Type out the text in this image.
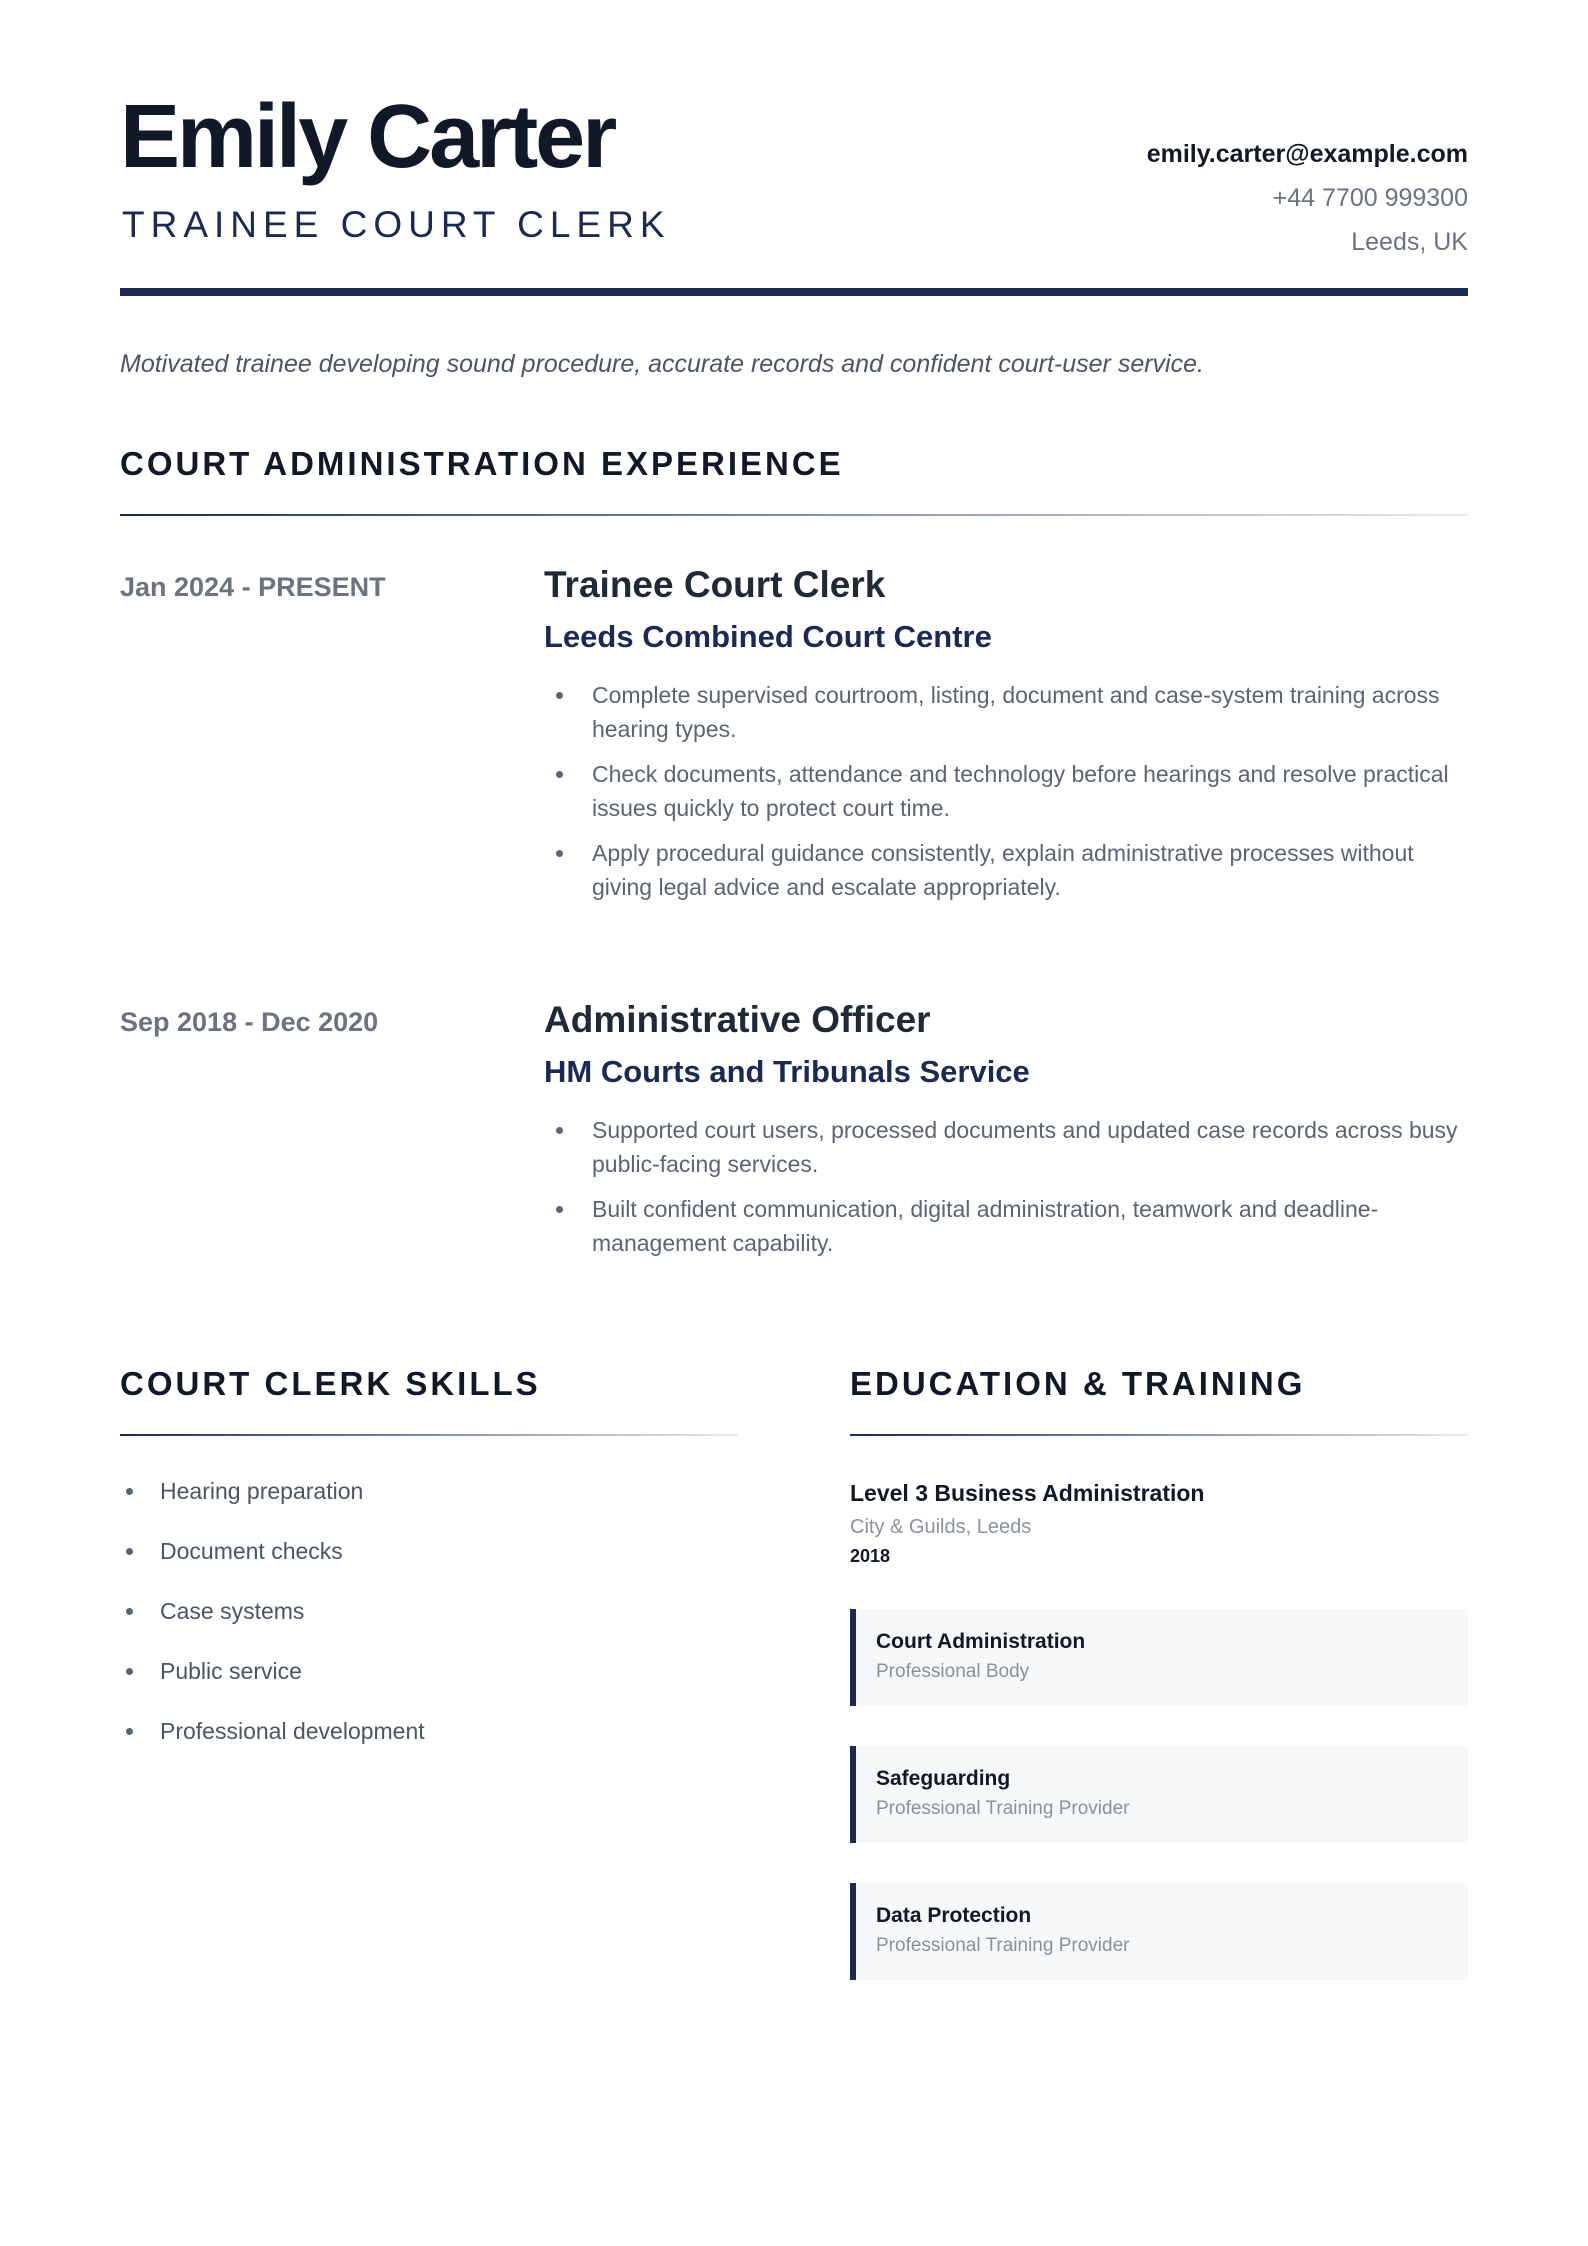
Emily Carter
TRAINEE COURT CLERK
emily.carter@example.com
+44 7700 999300
Leeds, UK
Motivated trainee developing sound procedure, accurate records and confident court-user service.
COURT ADMINISTRATION EXPERIENCE
Jan 2024 - PRESENT	Trainee Court Clerk
Leeds Combined Court Centre
Complete supervised courtroom, listing, document and case-system training across hearing types.
Check documents, attendance and technology before hearings and resolve practical issues quickly to protect court time.
Apply procedural guidance consistently, explain administrative processes without giving legal advice and escalate appropriately.
Sep 2018 - Dec 2020	Administrative Officer
HM Courts and Tribunals Service
Supported court users, processed documents and updated case records across busy public-facing services.
Built confident communication, digital administration, teamwork and deadline-management capability.
COURT CLERK SKILLS
Hearing preparation
Document checks
Case systems
Public service
Professional development
EDUCATION & TRAINING
Level 3 Business Administration
City & Guilds, Leeds
2018
Court Administration
Professional Body
Safeguarding
Professional Training Provider
Data Protection
Professional Training Provider
